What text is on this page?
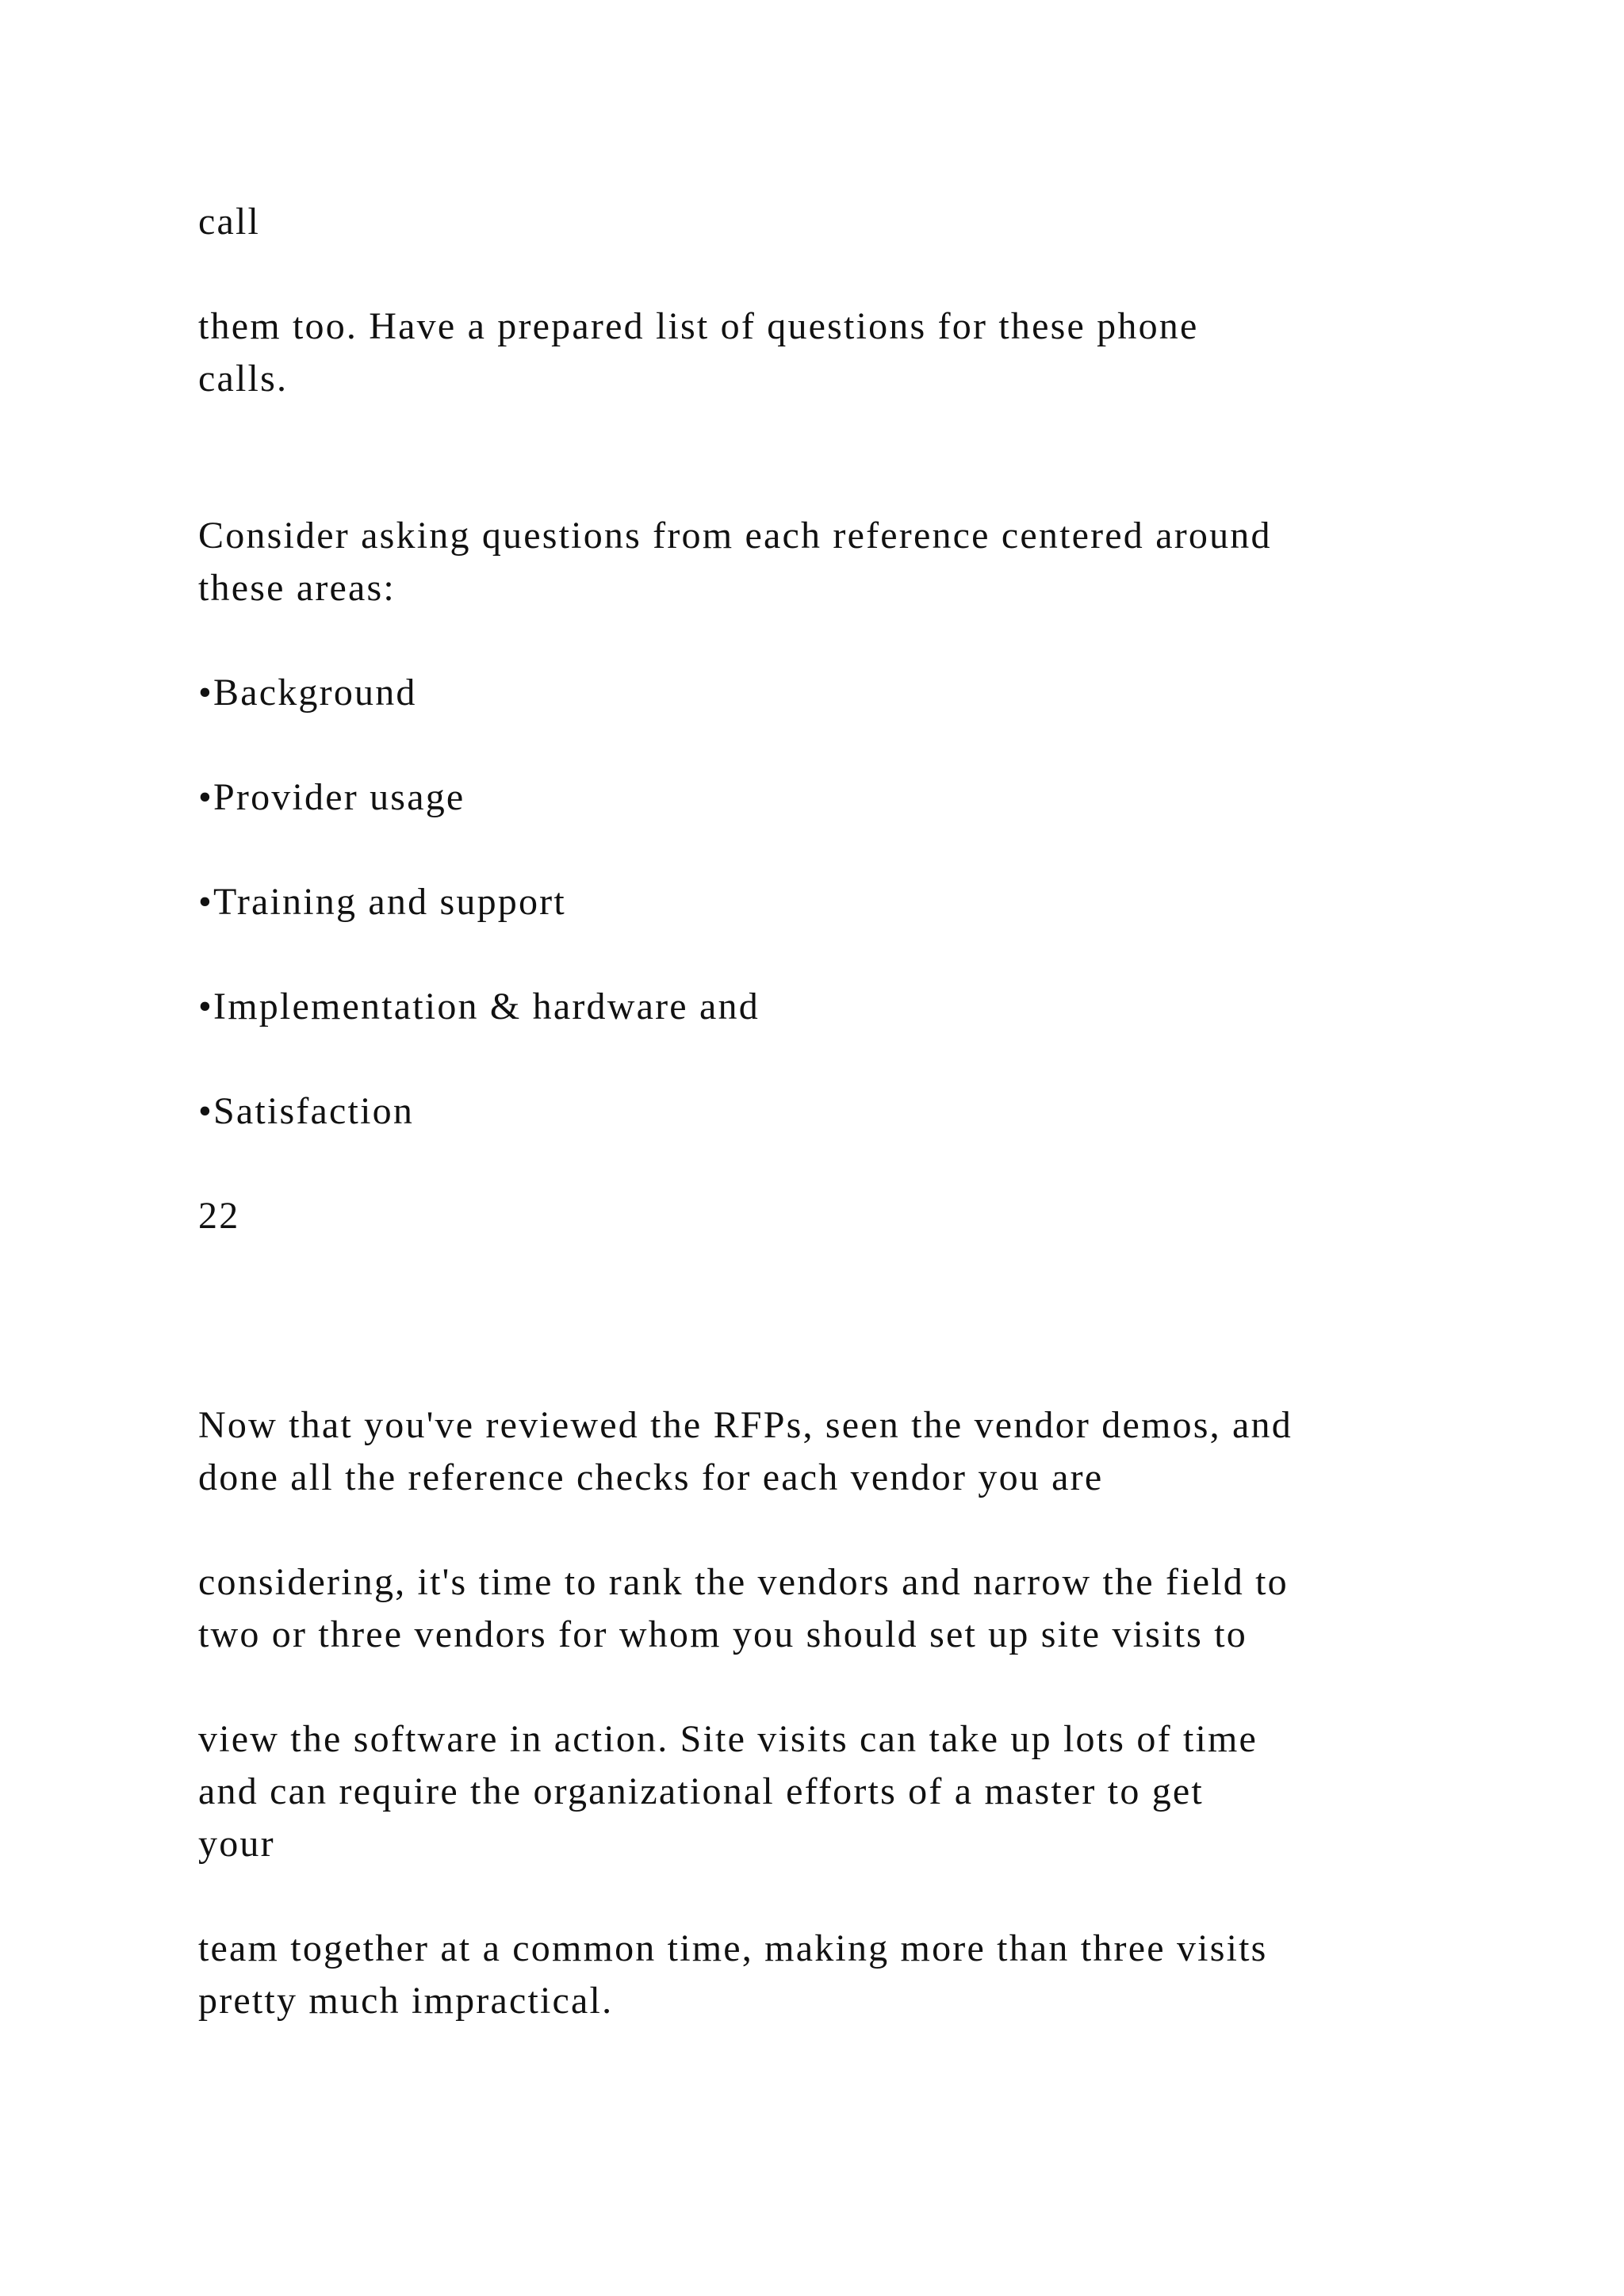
call

them too. Have a prepared list of questions for these phone

calls.

Consider asking questions from each reference centered around

these areas:

•Background

•Provider usage

•Training and support

•Implementation & hardware and

•Satisfaction

22

Now that you've reviewed the RFPs, seen the vendor demos, and

done all the reference checks for each vendor you are

considering, it's time to rank the vendors and narrow the field to

two or three vendors for whom you should set up site visits to

view the software in action. Site visits can take up lots of time

and can require the organizational efforts of a master to get

your

team together at a common time, making more than three visits

pretty much impractical.
